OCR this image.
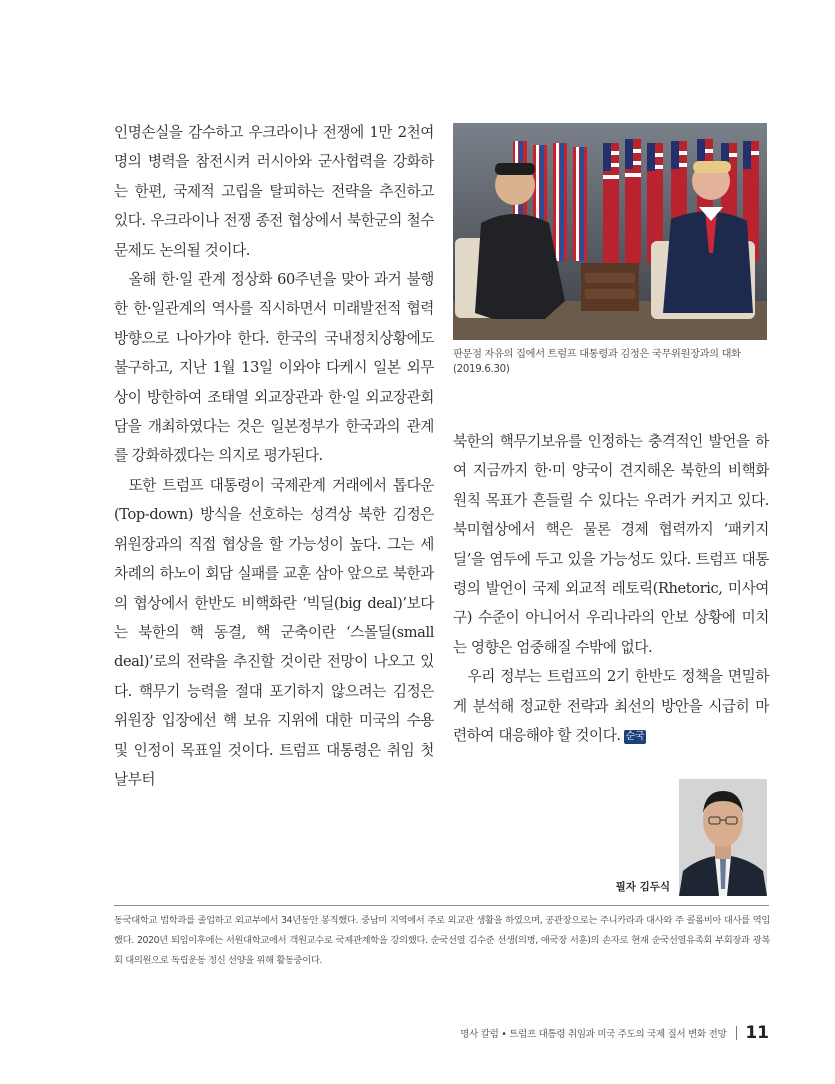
인명손실을 감수하고 우크라이나 전쟁에 1만 2천여 명의 병력을 참전시켜 러시아와 군사협력을 강화하는 한편, 국제적 고립을 탈피하는 전략을 추진하고 있다. 우크라이나 전쟁 종전 협상에서 북한군의 철수문제도 논의될 것이다.

올해 한·일 관계 정상화 60주년을 맞아 과거 불행한 한·일관계의 역사를 직시하면서 미래발전적 협력 방향으로 나아가야 한다. 한국의 국내정치상황에도 불구하고, 지난 1월 13일 이와야 다케시 일본 외무상이 방한하여 조태열 외교장관과 한·일 외교장관회담을 개최하였다는 것은 일본정부가 한국과의 관계를 강화하겠다는 의지로 평가된다.

또한 트럼프 대통령이 국제관계 거래에서 톱다운(Top-down) 방식을 선호하는 성격상 북한 김정은 위원장과의 직접 협상을 할 가능성이 높다. 그는 세 차례의 하노이 회담 실패를 교훈 삼아 앞으로 북한과의 협상에서 한반도 비핵화란 ‘빅딜(big deal)’보다는 북한의 핵 동결, 핵 군축이란 ‘스몰딜(small deal)’로의 전략을 추진할 것이란 전망이 나오고 있다. 핵무기 능력을 절대 포기하지 않으려는 김정은 위원장 입장에선 핵 보유 지위에 대한 미국의 수용 및 인정이 목표일 것이다. 트럼프 대통령은 취임 첫날부터

판문점 자유의 집에서 트럼프 대통령과 김정은 국무위원장과의 대화
(2019.6.30)

북한의 핵무기보유를 인정하는 충격적인 발언을 하여 지금까지 한·미 양국이 견지해온 북한의 비핵화 원칙 목표가 흔들릴 수 있다는 우려가 커지고 있다. 북미협상에서 핵은 물론 경제 협력까지 ‘패키지 딜’을 염두에 두고 있을 가능성도 있다. 트럼프 대통령의 발언이 국제 외교적 레토릭(Rhetoric, 미사여구) 수준이 아니어서 우리나라의 안보 상황에 미치는 영향은 엄중해질 수밖에 없다.

우리 정부는 트럼프의 2기 한반도 정책을 면밀하게 분석해 정교한 전략과 최선의 방안을 시급히 마련하여 대응해야 할 것이다. 순국

필자 김두식
동국대학교 법학과를 졸업하고 외교부에서 34년동안 봉직했다. 중남미 지역에서 주로 외교관 생활을 하였으며, 공관장으로는 주니카라과 대사와 주 콜롬비아 대사를 역임했다. 2020년 퇴임이후에는 서원대학교에서 객원교수로 국제관계학을 강의했다. 순국선열 김수준 선생(의병, 애국장 서훈)의 손자로 현재 순국선열유족회 부회장과 광복회 대의원으로 독립운동 정신 선양을 위해 활동중이다.
명사 칼럼 • 트럼프 대통령 취임과 미국 주도의 국제 질서 변화 전망 11
